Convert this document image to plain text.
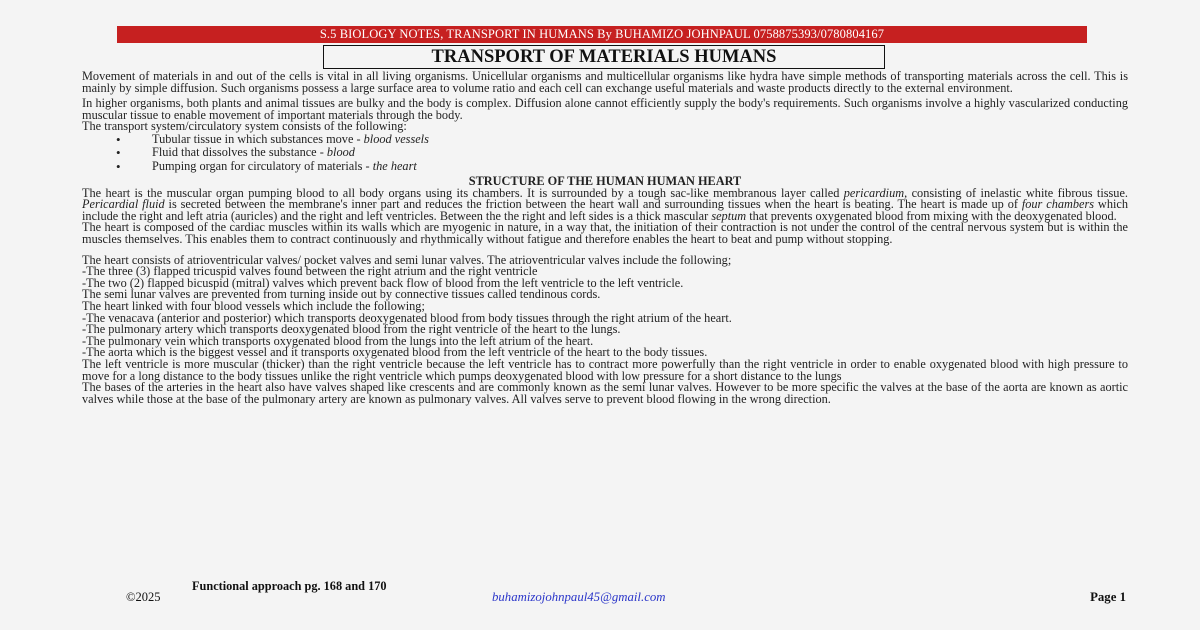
S.5 BIOLOGY NOTES, TRANSPORT IN HUMANS By BUHAMIZO JOHNPAUL 0758875393/0780804167
TRANSPORT OF MATERIALS HUMANS

Movement of materials in and out of the cells is vital in all living organisms. Unicellular organisms and multicellular organisms like hydra have simple methods of transporting materials across the cell. This is mainly by simple diffusion. Such organisms possess a large surface area to volume ratio and each cell can exchange useful materials and waste products directly to the external environment.

In higher organisms, both plants and animal tissues are bulky and the body is complex. Diffusion alone cannot efficiently supply the body's requirements. Such organisms involve a highly vascularized conducting muscular tissue to enable movement of important materials through the body.

The transport system/circulatory system consists of the following:

• Tubular tissue in which substances move - blood vessels
• Fluid that dissolves the substance - blood
• Pumping organ for circulatory of materials - the heart
STRUCTURE OF THE HUMAN HUMAN HEART

The heart is the muscular organ pumping blood to all body organs using its chambers. It is surrounded by a tough sac-like membranous layer called pericardium, consisting of inelastic white fibrous tissue. Pericardial fluid is secreted between the membrane's inner part and reduces the friction between the heart wall and surrounding tissues when the heart is beating. The heart is made up of four chambers which include the right and left atria (auricles) and the right and left ventricles. Between the the right and left sides is a thick mascular septum that prevents oxygenated blood from mixing with the deoxygenated blood.

The heart is composed of the cardiac muscles within its walls which are myogenic in nature, in a way that, the initiation of their contraction is not under the control of the central nervous system but is within the muscles themselves. This enables them to contract continuously and rhythmically without fatigue and therefore enables the heart to beat and pump without stopping.

The heart consists of atrioventricular valves/ pocket valves and semi lunar valves. The atrioventricular valves include the following;

-The three (3) flapped tricuspid valves found between the right atrium and the right ventricle

-The two (2) flapped bicuspid (mitral) valves which prevent back flow of blood from the left ventricle to the left ventricle.

The semi lunar valves are prevented from turning inside out by connective tissues called tendinous cords.

The heart linked with four blood vessels which include the following;

-The venacava (anterior and posterior) which transports deoxygenated blood from body tissues through the right atrium of the heart.

-The pulmonary artery which transports deoxygenated blood from the right ventricle of the heart to the lungs.

-The pulmonary vein which transports oxygenated blood from the lungs into the left atrium of the heart.

-The aorta which is the biggest vessel and it transports oxygenated blood from the left ventricle of the heart to the body tissues.

The left ventricle is more muscular (thicker) than the right ventricle because the left ventricle has to contract more powerfully than the right ventricle in order to enable oxygenated blood with high pressure to move for a long distance to the body tissues unlike the right ventricle which pumps deoxygenated blood with low pressure for a short distance to the lungs

The bases of the arteries in the heart also have valves shaped like crescents and are commonly known as the semi lunar valves. However to be more specific the valves at the base of the aorta are known as aortic valves while those at the base of the pulmonary artery are known as pulmonary valves. All valves serve to prevent blood flowing in the wrong direction.

Functional approach pg. 168 and 170
©2025	buhamizojohnpaul45@gmail.com	Page 1
